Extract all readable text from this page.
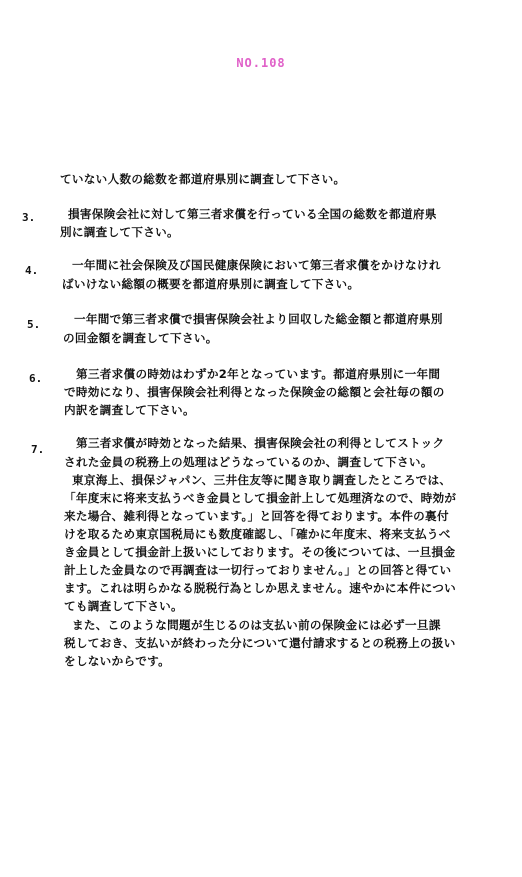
NO.108
ていない人数の総数を都道府県別に調査して下さい。
3.	損害保険会社に対して第三者求償を行っている全国の総数を都道府県
別に調査して下さい。
4.	一年間に社会保険及び国民健康保険において第三者求償をかけなけれ
ばいけない総額の概要を都道府県別に調査して下さい。
5.	一年間で第三者求償で損害保険会社より回収した総金額と都道府県別
の回金額を調査して下さい。
6.	第三者求償の時効はわずか2年となっています。都道府県別に一年間
で時効になり、損害保険会社利得となった保険金の総額と会社毎の額の
内訳を調査して下さい。
7.	第三者求償が時効となった結果、損害保険会社の利得としてストック
された金員の税務上の処理はどうなっているのか、調査して下さい。
東京海上、損保ジャパン、三井住友等に聞き取り調査したところでは、
「年度末に将来支払うべき金員として損金計上して処理済なので、時効が
来た場合、雑利得となっています。」と回答を得ております。本件の裏付
けを取るため東京国税局にも数度確認し、「確かに年度末、将来支払うべ
き金員として損金計上扱いにしております。その後については、一旦損金
計上した金員なので再調査は一切行っておりません。」との回答と得てい
ます。これは明らかなる脱税行為としか思えません。速やかに本件につい
ても調査して下さい。
また、このような問題が生じるのは支払い前の保険金には必ず一旦課
税しておき、支払いが終わった分について還付請求するとの税務上の扱い
をしないからです。
